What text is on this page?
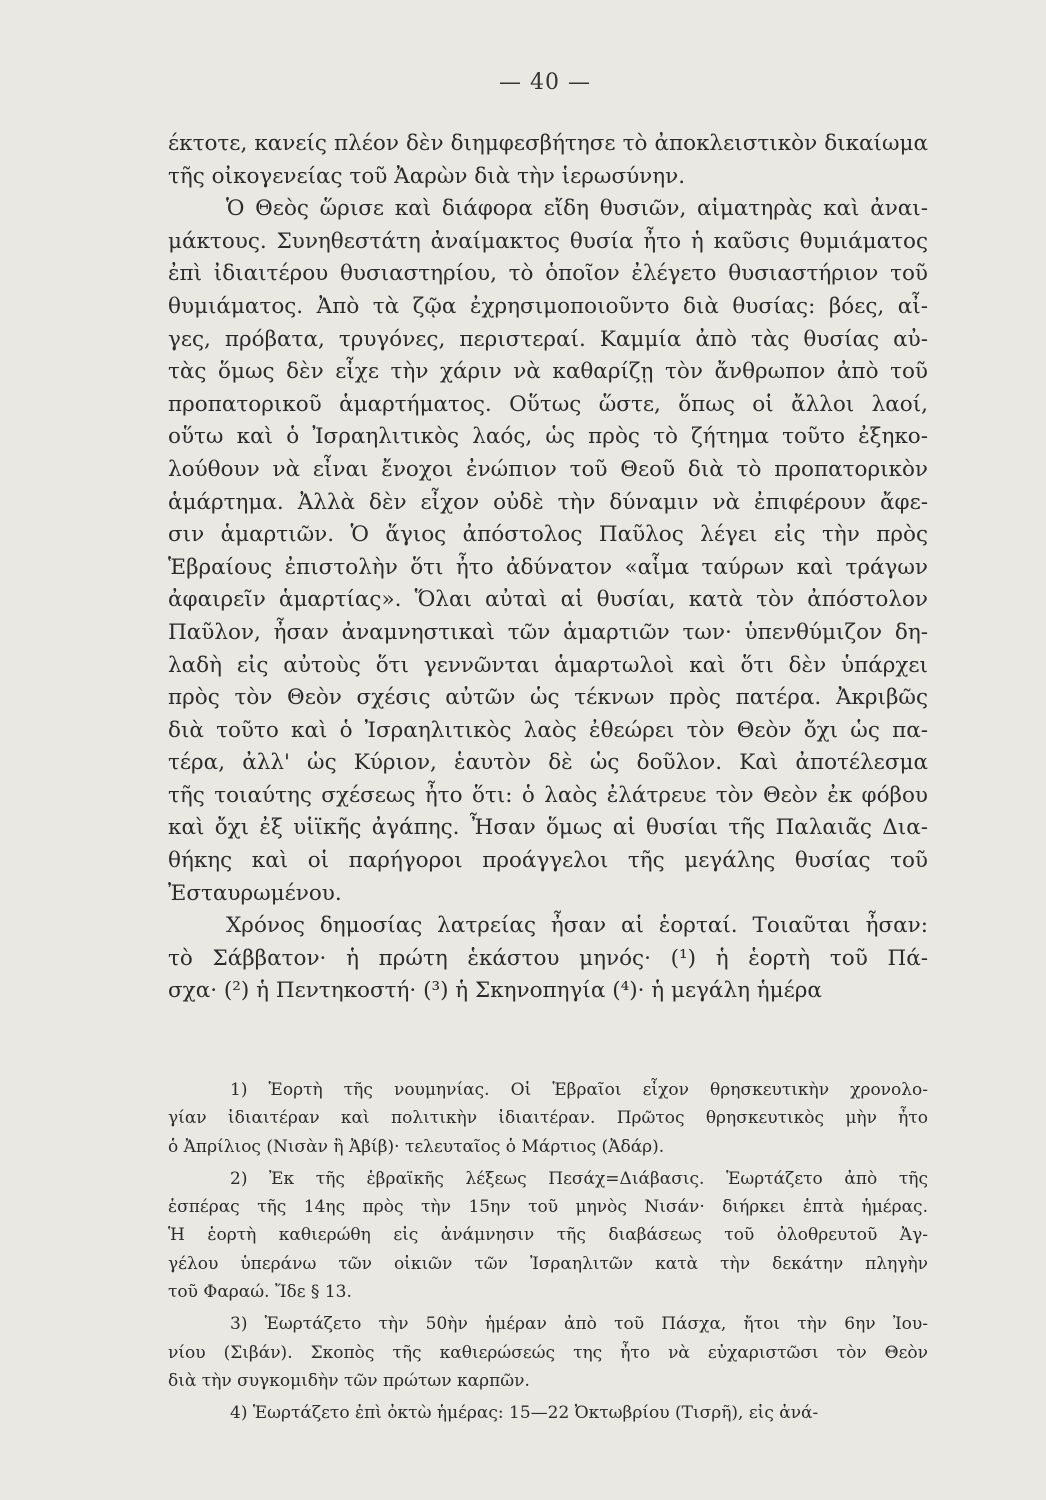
— 40 —
έκτοτε, κανείς πλέον δὲν διημφεσβήτησε τὸ ἀποκλειστικὸν δικαίωμα
τῆς οἰκογενείας τοῦ Ἀαρὼν διὰ τὴν ἱερωσύνην.
Ὁ Θεὸς ὥρισε καὶ διάφορα εἴδη θυσιῶν, αἱματηρὰς καὶ ἀναι-
μάκτους. Συνηθεστάτη ἀναίμακτος θυσία ἦτο ἡ καῦσις θυμιάματος
ἐπὶ ἰδιαιτέρου θυσιαστηρίου, τὸ ὁποῖον ἐλέγετο θυσιαστήριον τοῦ
θυμιάματος. Ἀπὸ τὰ ζῷα ἐχρησιμοποιοῦντο διὰ θυσίας: βόες, αἶ-
γες, πρόβατα, τρυγόνες, περιστεραί. Καμμία ἀπὸ τὰς θυσίας αὐ-
τὰς ὅμως δὲν εἶχε τὴν χάριν νὰ καθαρίζῃ τὸν ἄνθρωπον ἀπὸ τοῦ
προπατορικοῦ ἁμαρτήματος. Οὕτως ὥστε, ὅπως οἱ ἄλλοι λαοί,
οὕτω καὶ ὁ Ἰσραηλιτικὸς λαός, ὡς πρὸς τὸ ζήτημα τοῦτο ἐξηκο-
λούθουν νὰ εἶναι ἔνοχοι ἐνώπιον τοῦ Θεοῦ διὰ τὸ προπατορικὸν
ἁμάρτημα. Ἀλλὰ δὲν εἶχον οὐδὲ τὴν δύναμιν νὰ ἐπιφέρουν ἄφε-
σιν ἁμαρτιῶν. Ὁ ἅγιος ἀπόστολος Παῦλος λέγει εἰς τὴν πρὸς
Ἑβραίους ἐπιστολὴν ὅτι ἦτο ἀδύνατον «αἷμα ταύρων καὶ τράγων
ἀφαιρεῖν ἁμαρτίας». Ὅλαι αὐταὶ αἱ θυσίαι, κατὰ τὸν ἀπόστολον
Παῦλον, ἦσαν ἀναμνηστικαὶ τῶν ἁμαρτιῶν των· ὑπενθύμιζον δη-
λαδὴ εἰς αὐτοὺς ὅτι γεννῶνται ἁμαρτωλοὶ καὶ ὅτι δὲν ὑπάρχει
πρὸς τὸν Θεὸν σχέσις αὐτῶν ὡς τέκνων πρὸς πατέρα. Ἀκριβῶς
διὰ τοῦτο καὶ ὁ Ἰσραηλιτικὸς λαὸς ἐθεώρει τὸν Θεὸν ὄχι ὡς πα-
τέρα, ἀλλ' ὡς Κύριον, ἑαυτὸν δὲ ὡς δοῦλον. Καὶ ἀποτέλεσμα
τῆς τοιαύτης σχέσεως ἦτο ὅτι: ὁ λαὸς ἐλάτρευε τὸν Θεὸν ἐκ φόβου
καὶ ὄχι ἐξ υἱϊκῆς ἀγάπης. Ἦσαν ὅμως αἱ θυσίαι τῆς Παλαιᾶς Δια-
θήκης καὶ οἱ παρήγοροι προάγγελοι τῆς μεγάλης θυσίας τοῦ
Ἐσταυρωμένου.
Χρόνος δημοσίας λατρείας ἦσαν αἱ ἑορταί. Τοιαῦται ἦσαν:
τὸ Σάββατον· ἡ πρώτη ἑκάστου μηνός· (¹) ἡ ἑορτὴ τοῦ Πά-
σχα· (²) ἡ Πεντηκοστή· (³) ἡ Σκηνοπηγία (⁴)· ἡ μεγάλη ἡμέρα
1) Ἑορτὴ τῆς νουμηνίας. Οἱ Ἑβραῖοι εἶχον θρησκευτικὴν χρονολο-
γίαν ἰδιαιτέραν καὶ πολιτικὴν ἰδιαιτέραν. Πρῶτος θρησκευτικὸς μὴν ἦτο
ὁ Ἀπρίλιος (Νισὰν ἢ Ἀβίβ)· τελευταῖος ὁ Μάρτιος (Ἀδάρ).
2) Ἐκ τῆς ἑβραϊκῆς λέξεως Πεσάχ=Διάβασις. Ἑωρτάζετο ἀπὸ τῆς
ἑσπέρας τῆς 14ης πρὸς τὴν 15ην τοῦ μηνὸς Νισάν· διήρκει ἑπτὰ ἡμέρας.
Ἡ ἑορτὴ καθιερώθη εἰς ἀνάμνησιν τῆς διαβάσεως τοῦ ὀλοθρευτοῦ Ἀγ-
γέλου ὑπεράνω τῶν οἰκιῶν τῶν Ἰσραηλιτῶν κατὰ τὴν δεκάτην πληγὴν
τοῦ Φαραώ. Ἴδε § 13.
3) Ἑωρτάζετο τὴν 50ὴν ἡμέραν ἀπὸ τοῦ Πάσχα, ἤτοι τὴν 6ην Ἰου-
νίου (Σιβάν). Σκοπὸς τῆς καθιερώσεώς της ἦτο νὰ εὐχαριστῶσι τὸν Θεὸν
διὰ τὴν συγκομιδὴν τῶν πρώτων καρπῶν.
4) Ἑωρτάζετο ἐπὶ ὀκτὼ ἡμέρας: 15—22 Ὀκτωβρίου (Τισρῆ), εἰς ἀνά-
